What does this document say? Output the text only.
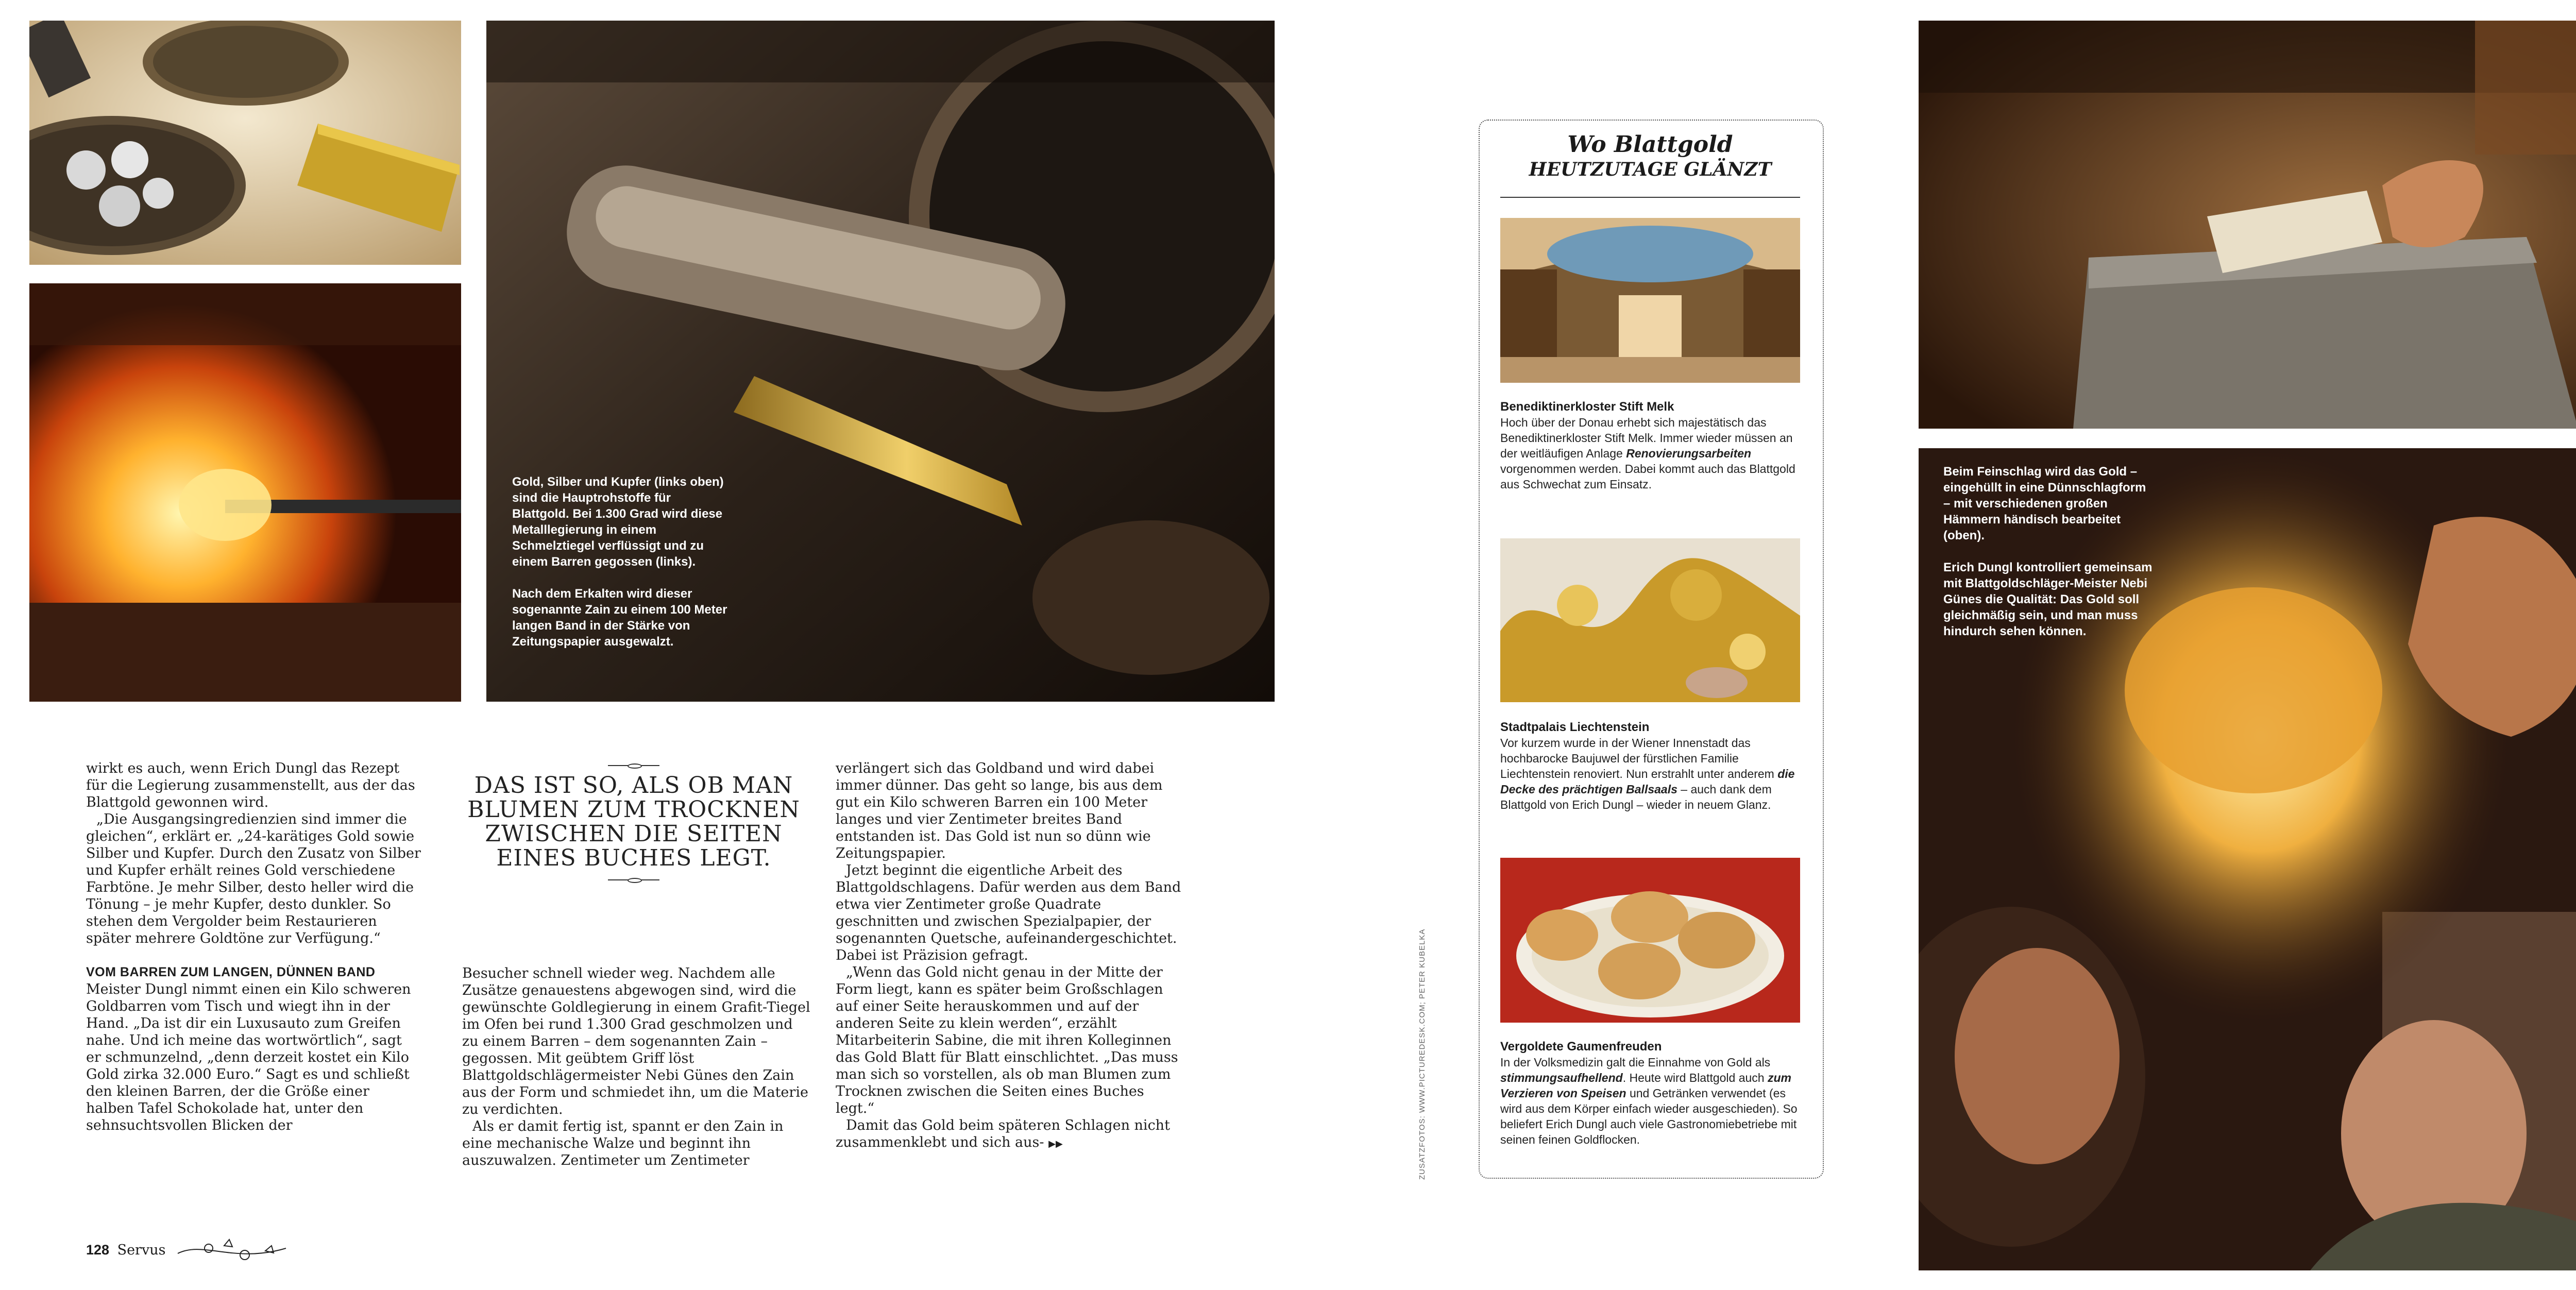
Gold, Silber und Kupfer (links oben) sind die Hauptrohstoffe für Blattgold. Bei 1.300 Grad wird diese Metalllegierung in einem Schmelztiegel verflüssigt und zu einem Barren gegossen (links).

Nach dem Erkalten wird dieser sogenannte Zain zu einem 100 Meter langen Band in der Stärke von Zeitungspapier ausgewalzt.

wirkt es auch, wenn Erich Dungl das Rezept für die Legierung zusammenstellt, aus der das Blattgold gewonnen wird.

„Die Ausgangsingredienzien sind immer die gleichen“, erklärt er. „24-karätiges Gold sowie Silber und Kupfer. Durch den Zusatz von Silber und Kupfer erhält reines Gold verschiedene Farbtöne. Je mehr Silber, desto heller wird die Tönung – je mehr Kupfer, desto dunkler. So stehen dem Vergolder beim Restaurieren später mehrere Goldtöne zur Verfügung.“

VOM BARREN ZUM LANGEN, DÜNNEN BAND

Meister Dungl nimmt einen ein Kilo schweren Goldbarren vom Tisch und wiegt ihn in der Hand. „Da ist dir ein Luxusauto zum Greifen nahe. Und ich meine das wortwörtlich“, sagt er schmunzelnd, „denn derzeit kostet ein Kilo Gold zirka 32.000 Euro.“ Sagt es und schließt den kleinen Barren, der die Größe einer halben Tafel Schokolade hat, unter den sehnsuchtsvollen Blicken der

DAS IST SO, ALS OB MAN BLUMEN ZUM TROCKNEN ZWISCHEN DIE SEITEN EINES BUCHES LEGT.

Besucher schnell wieder weg. Nachdem alle Zusätze genauestens abgewogen sind, wird die gewünschte Goldlegierung in einem Grafit-Tiegel im Ofen bei rund 1.300 Grad geschmolzen und zu einem Barren – dem sogenannten Zain – gegossen. Mit geübtem Griff löst Blattgoldschlägermeister Nebi Günes den Zain aus der Form und schmiedet ihn, um die Materie zu verdichten.

Als er damit fertig ist, spannt er den Zain in eine mechanische Walze und beginnt ihn auszuwalzen. Zentimeter um Zentimeter

verlängert sich das Goldband und wird dabei immer dünner. Das geht so lange, bis aus dem gut ein Kilo schweren Barren ein 100 Meter langes und vier Zentimeter breites Band entstanden ist. Das Gold ist nun so dünn wie Zeitungspapier.

Jetzt beginnt die eigentliche Arbeit des Blattgoldschlagens. Dafür werden aus dem Band etwa vier Zentimeter große Quadrate geschnitten und zwischen Spezialpapier, der sogenannten Quetsche, aufeinandergeschichtet. Dabei ist Präzision gefragt.

„Wenn das Gold nicht genau in der Mitte der Form liegt, kann es später beim Großschlagen auf einer Seite herauskommen und auf der anderen Seite zu klein werden“, erzählt Mitarbeiterin Sabine, die mit ihren Kolleginnen das Gold Blatt für Blatt einschlichtet. „Das muss man sich so vorstellen, als ob man Blumen zum Trocknen zwischen die Seiten eines Buches legt.“

Damit das Gold beim späteren Schlagen nicht zusammenklebt und sich aus- ▶▶

128 Servus
Wo Blattgold
HEUTZUTAGE GLÄNZT
Benediktinerkloster Stift Melk
Hoch über der Donau erhebt sich majestätisch das Benediktinerkloster Stift Melk. Immer wieder müssen an der weitläufigen Anlage Renovierungsarbeiten vorgenommen werden. Dabei kommt auch das Blattgold aus Schwechat zum Einsatz.
Stadtpalais Liechtenstein
Vor kurzem wurde in der Wiener Innenstadt das hochbarocke Baujuwel der fürstlichen Familie Liechtenstein renoviert. Nun erstrahlt unter anderem die Decke des prächtigen Ballsaals – auch dank dem Blattgold von Erich Dungl – wieder in neuem Glanz.
Vergoldete Gaumenfreuden
In der Volksmedizin galt die Einnahme von Gold als stimmungsaufhellend. Heute wird Blattgold auch zum Verzieren von Speisen und Getränken verwendet (es wird aus dem Körper einfach wieder ausgeschieden). So beliefert Erich Dungl auch viele Gastronomiebetriebe mit seinen feinen Goldflocken.
ZUSATZFOTOS: WWW.PICTUREDESK.COM; PETER KUBELKA

Beim Feinschlag wird das Gold – eingehüllt in eine Dünnschlagform – mit verschiedenen großen Hämmern händisch bearbeitet (oben).

Erich Dungl kontrolliert gemeinsam mit Blattgoldschläger-Meister Nebi Günes die Qualität: Das Gold soll gleichmäßig sein, und man muss hindurch sehen können.
